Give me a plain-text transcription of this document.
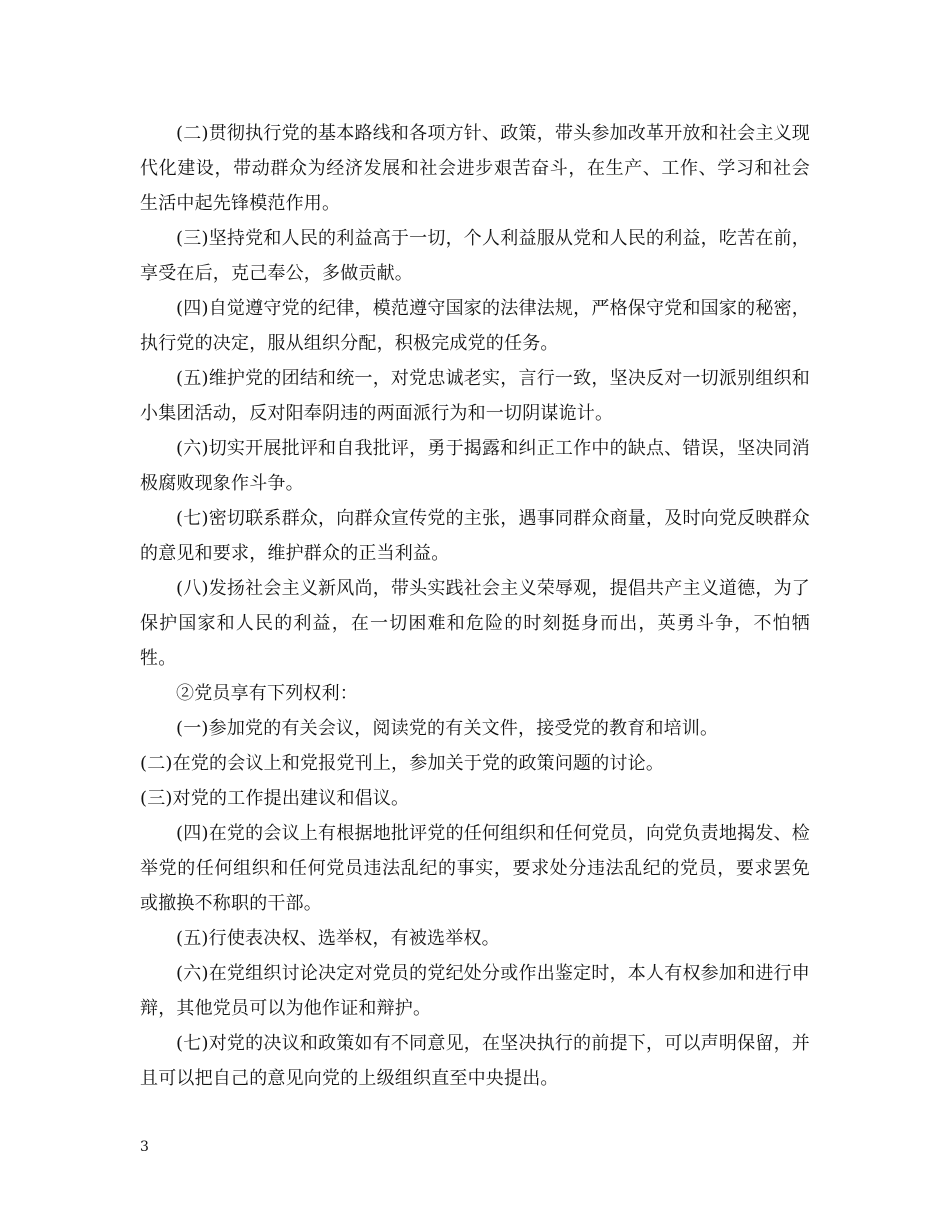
(二)贯彻执行党的基本路线和各项方针、政策，带头参加改革开放和社会主义现代化建设，带动群众为经济发展和社会进步艰苦奋斗，在生产、工作、学习和社会生活中起先锋模范作用。

(三)坚持党和人民的利益高于一切，个人利益服从党和人民的利益，吃苦在前，享受在后，克己奉公，多做贡献。

(四)自觉遵守党的纪律，模范遵守国家的法律法规，严格保守党和国家的秘密，执行党的决定，服从组织分配，积极完成党的任务。

(五)维护党的团结和统一，对党忠诚老实，言行一致，坚决反对一切派别组织和小集团活动，反对阳奉阴违的两面派行为和一切阴谋诡计。

(六)切实开展批评和自我批评，勇于揭露和纠正工作中的缺点、错误，坚决同消极腐败现象作斗争。

(七)密切联系群众，向群众宣传党的主张，遇事同群众商量，及时向党反映群众的意见和要求，维护群众的正当利益。

(八)发扬社会主义新风尚，带头实践社会主义荣辱观，提倡共产主义道德，为了保护国家和人民的利益，在一切困难和危险的时刻挺身而出，英勇斗争，不怕牺牲。

②党员享有下列权利：

(一)参加党的有关会议，阅读党的有关文件，接受党的教育和培训。

(二)在党的会议上和党报党刊上，参加关于党的政策问题的讨论。

(三)对党的工作提出建议和倡议。

(四)在党的会议上有根据地批评党的任何组织和任何党员，向党负责地揭发、检举党的任何组织和任何党员违法乱纪的事实，要求处分违法乱纪的党员，要求罢免或撤换不称职的干部。

(五)行使表决权、选举权，有被选举权。

(六)在党组织讨论决定对党员的党纪处分或作出鉴定时，本人有权参加和进行申辩，其他党员可以为他作证和辩护。

(七)对党的决议和政策如有不同意见，在坚决执行的前提下，可以声明保留，并且可以把自己的意见向党的上级组织直至中央提出。

3
